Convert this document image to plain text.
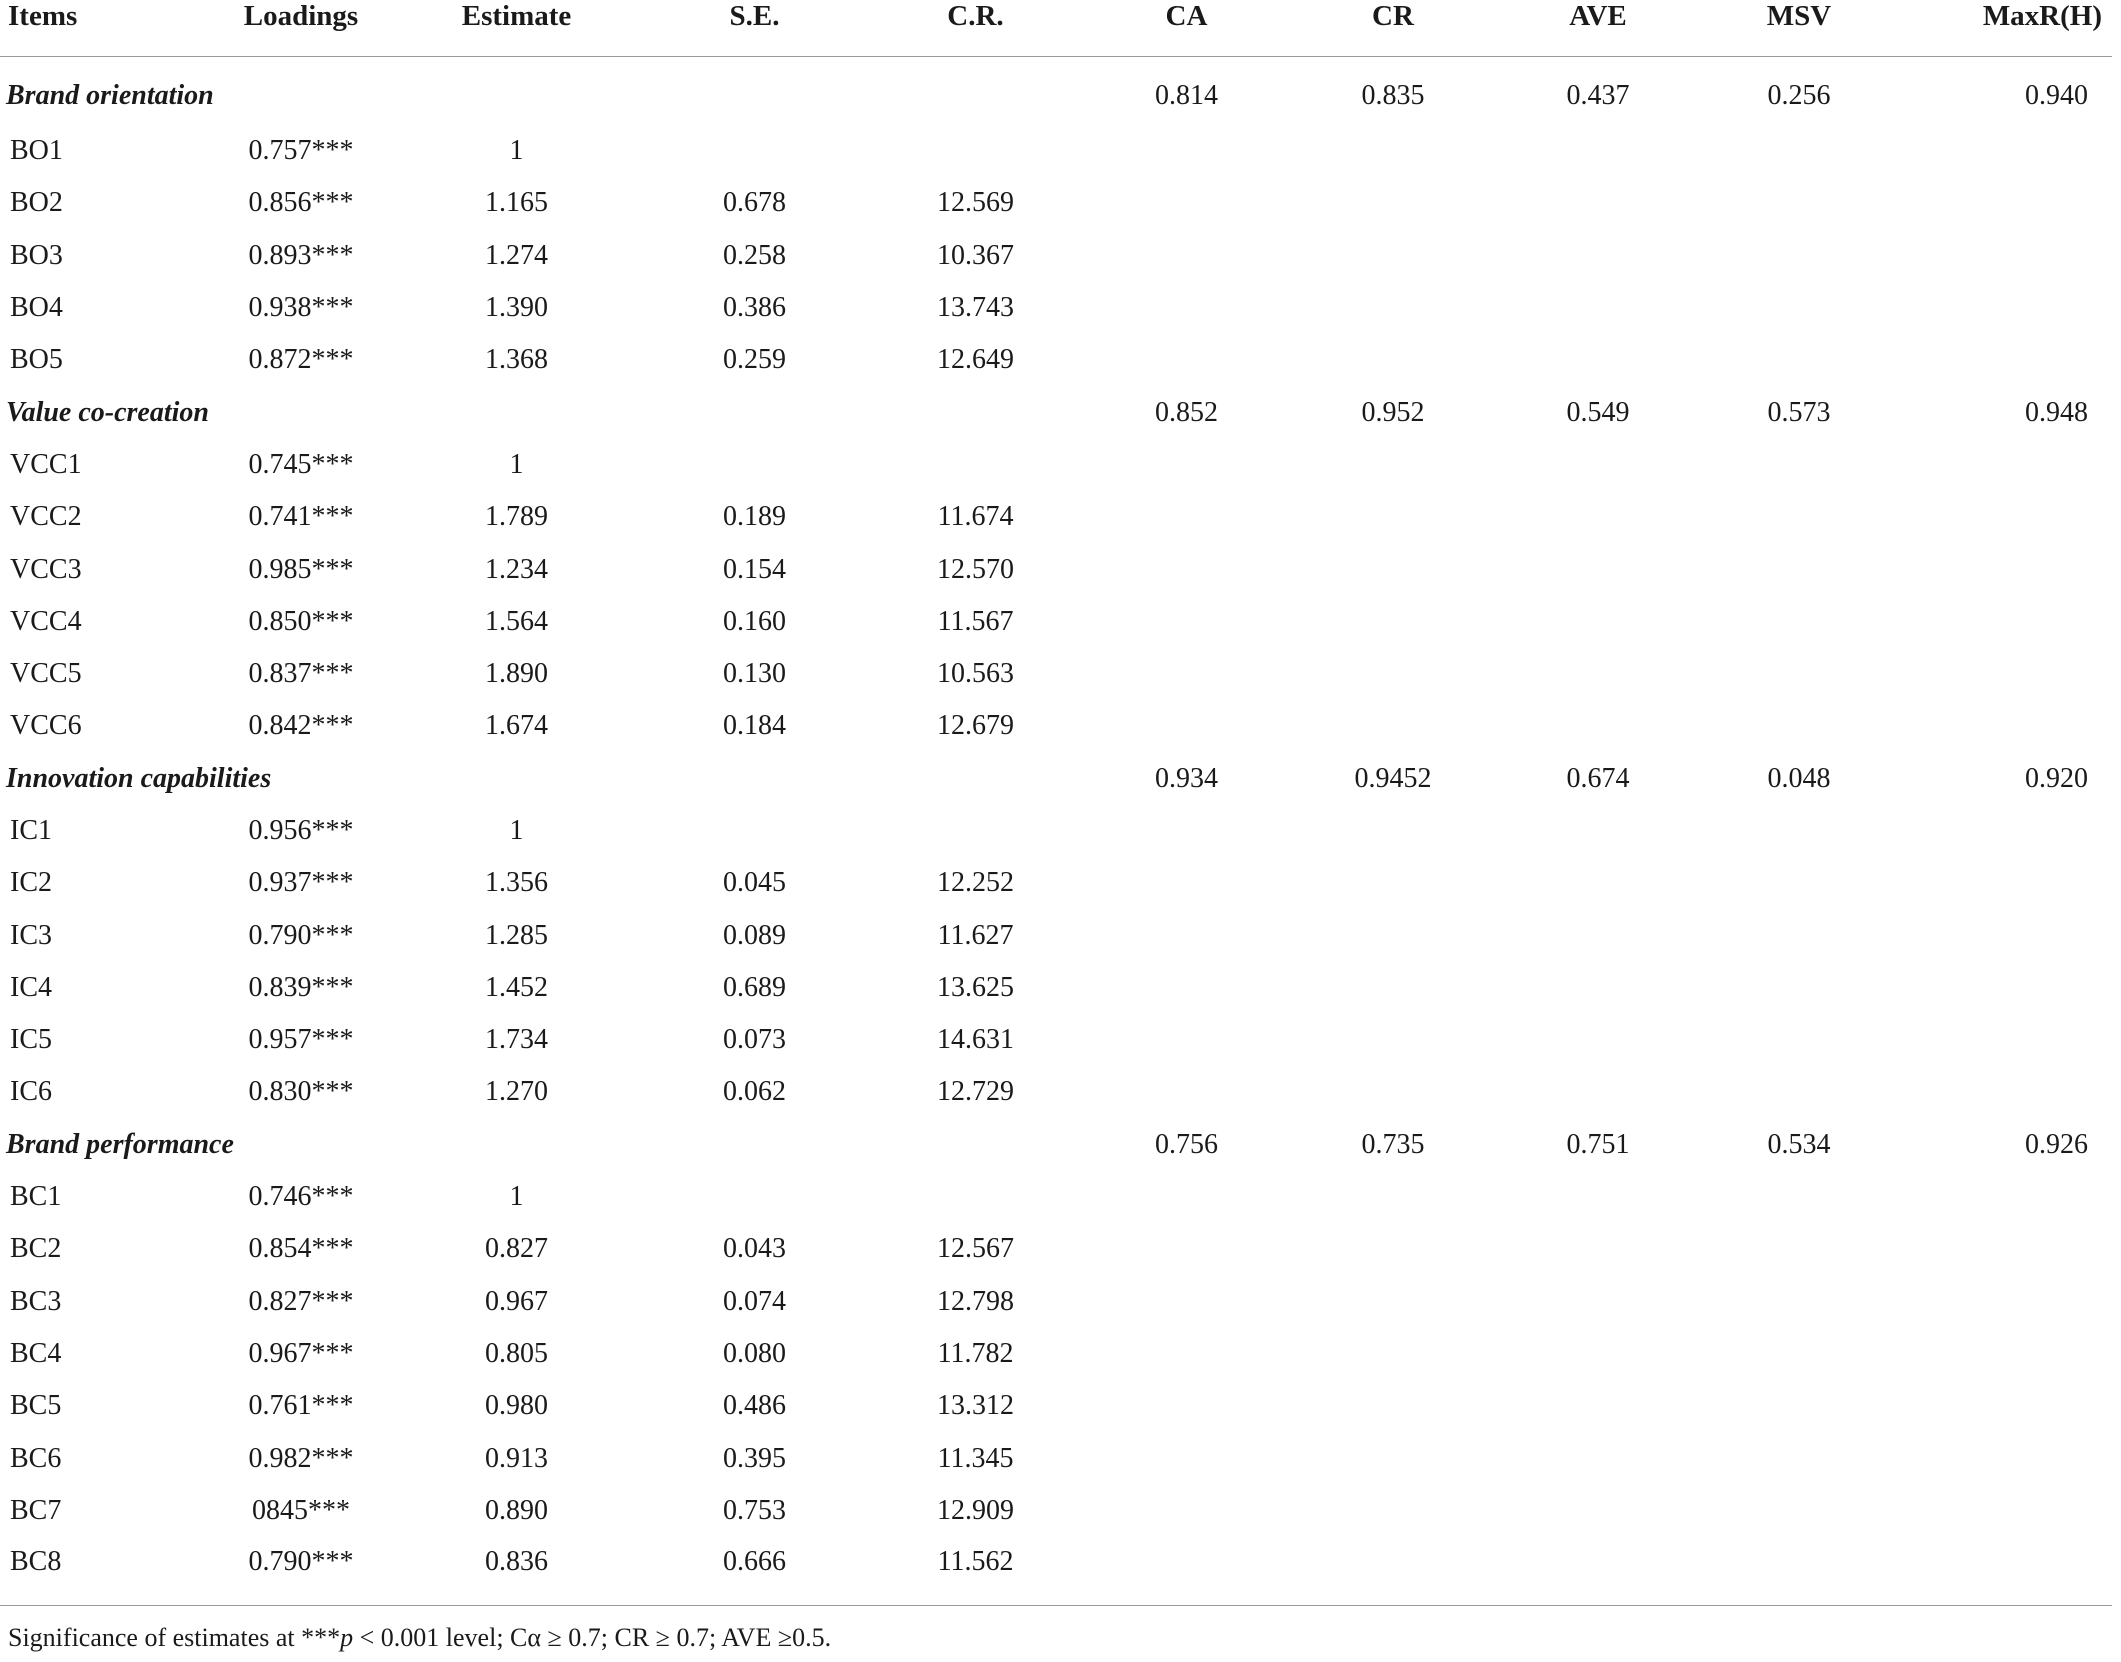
Items	Loadings	Estimate	S.E.	C.R.	CA	CR	AVE	MSV	MaxR(H)
Brand orientation					0.814	0.835	0.437	0.256	0.940
BO1	0.757***	1							
BO2	0.856***	1.165	0.678	12.569					
BO3	0.893***	1.274	0.258	10.367					
BO4	0.938***	1.390	0.386	13.743					
BO5	0.872***	1.368	0.259	12.649					
Value co-creation					0.852	0.952	0.549	0.573	0.948
VCC1	0.745***	1							
VCC2	0.741***	1.789	0.189	11.674					
VCC3	0.985***	1.234	0.154	12.570					
VCC4	0.850***	1.564	0.160	11.567					
VCC5	0.837***	1.890	0.130	10.563					
VCC6	0.842***	1.674	0.184	12.679					
Innovation capabilities					0.934	0.9452	0.674	0.048	0.920
IC1	0.956***	1							
IC2	0.937***	1.356	0.045	12.252					
IC3	0.790***	1.285	0.089	11.627					
IC4	0.839***	1.452	0.689	13.625					
IC5	0.957***	1.734	0.073	14.631					
IC6	0.830***	1.270	0.062	12.729					
Brand performance					0.756	0.735	0.751	0.534	0.926
BC1	0.746***	1							
BC2	0.854***	0.827	0.043	12.567					
BC3	0.827***	0.967	0.074	12.798					
BC4	0.967***	0.805	0.080	11.782					
BC5	0.761***	0.980	0.486	13.312					
BC6	0.982***	0.913	0.395	11.345					
BC7	0845***	0.890	0.753	12.909					
BC8	0.790***	0.836	0.666	11.562					
Significance of estimates at ***p < 0.001 level; Cα ≥ 0.7; CR ≥ 0.7; AVE ≥0.5.
